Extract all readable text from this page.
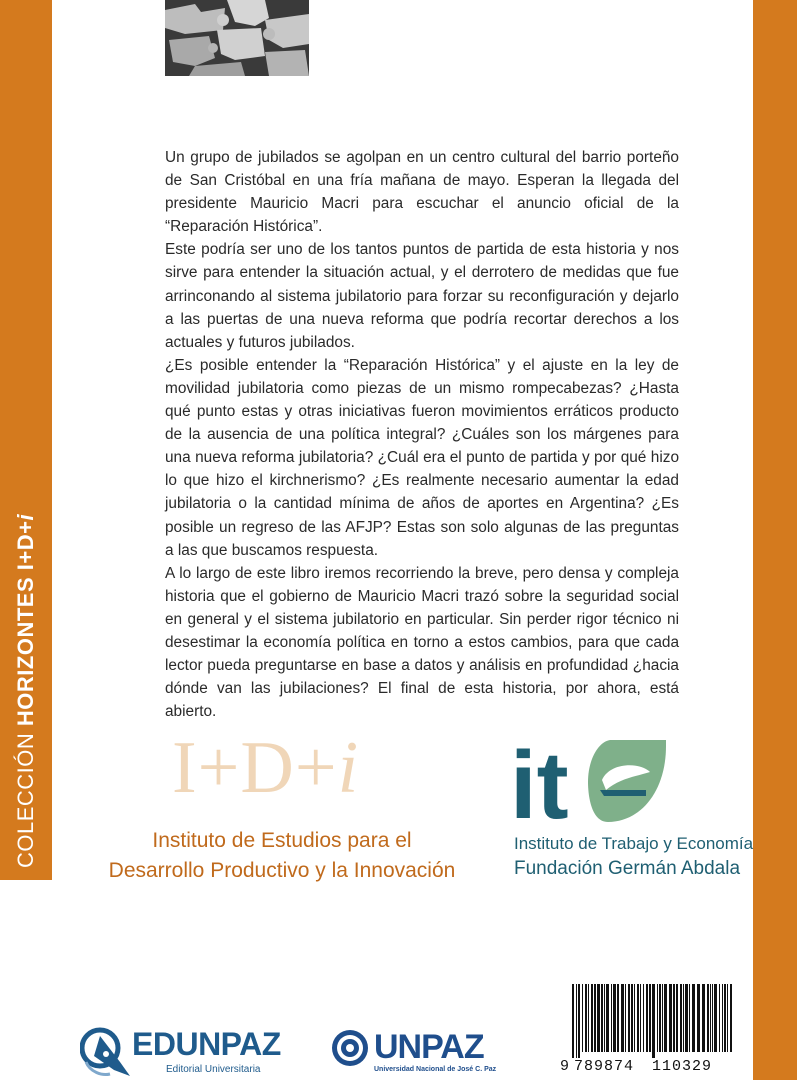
COLECCIÓN HORIZONTES I+D+i

Un grupo de jubilados se agolpan en un centro cultural del barrio porteño de San Cristóbal en una fría mañana de mayo. Esperan la llegada del presidente Mauricio Macri para escuchar el anuncio oficial de la “Reparación Histórica”.

Este podría ser uno de los tantos puntos de partida de esta historia y nos sirve para entender la situación actual, y el derrotero de medidas que fue arrinconando al sistema jubilatorio para forzar su reconfiguración y dejarlo a las puertas de una nueva reforma que podría recortar derechos a los actuales y futuros jubilados.

¿Es posible entender la “Reparación Histórica” y el ajuste en la ley de movilidad jubilatoria como piezas de un mismo rompecabezas? ¿Hasta qué punto estas y otras iniciativas fueron movimientos erráticos producto de la ausencia de una política integral? ¿Cuáles son los márgenes para una nueva reforma jubilatoria? ¿Cuál era el punto de partida y por qué hizo lo que hizo el kirchnerismo? ¿Es realmente necesario aumentar la edad jubilatoria o la cantidad mínima de años de aportes en Argentina? ¿Es posible un regreso de las AFJP? Estas son solo algunas de las preguntas a las que buscamos respuesta.

A lo largo de este libro iremos recorriendo la breve, pero densa y compleja historia que el gobierno de Mauricio Macri trazó sobre la seguridad social en general y el sistema jubilatorio en particular. Sin perder rigor técnico ni desestimar la economía política en torno a estos cambios, para que cada lector pueda preguntarse en base a datos y análisis en profundidad ¿hacia dónde van las jubilaciones? El final de esta historia, por ahora, está abierto.

I+D+i
Instituto de Estudios para el
Desarrollo Productivo y la Innovación
it
Instituto de Trabajo y Economía
Fundación Germán Abdala
9 789874 110329
EDUNPAZ
Editorial Universitaria
UNPAZ
Universidad Nacional de José C. Paz
